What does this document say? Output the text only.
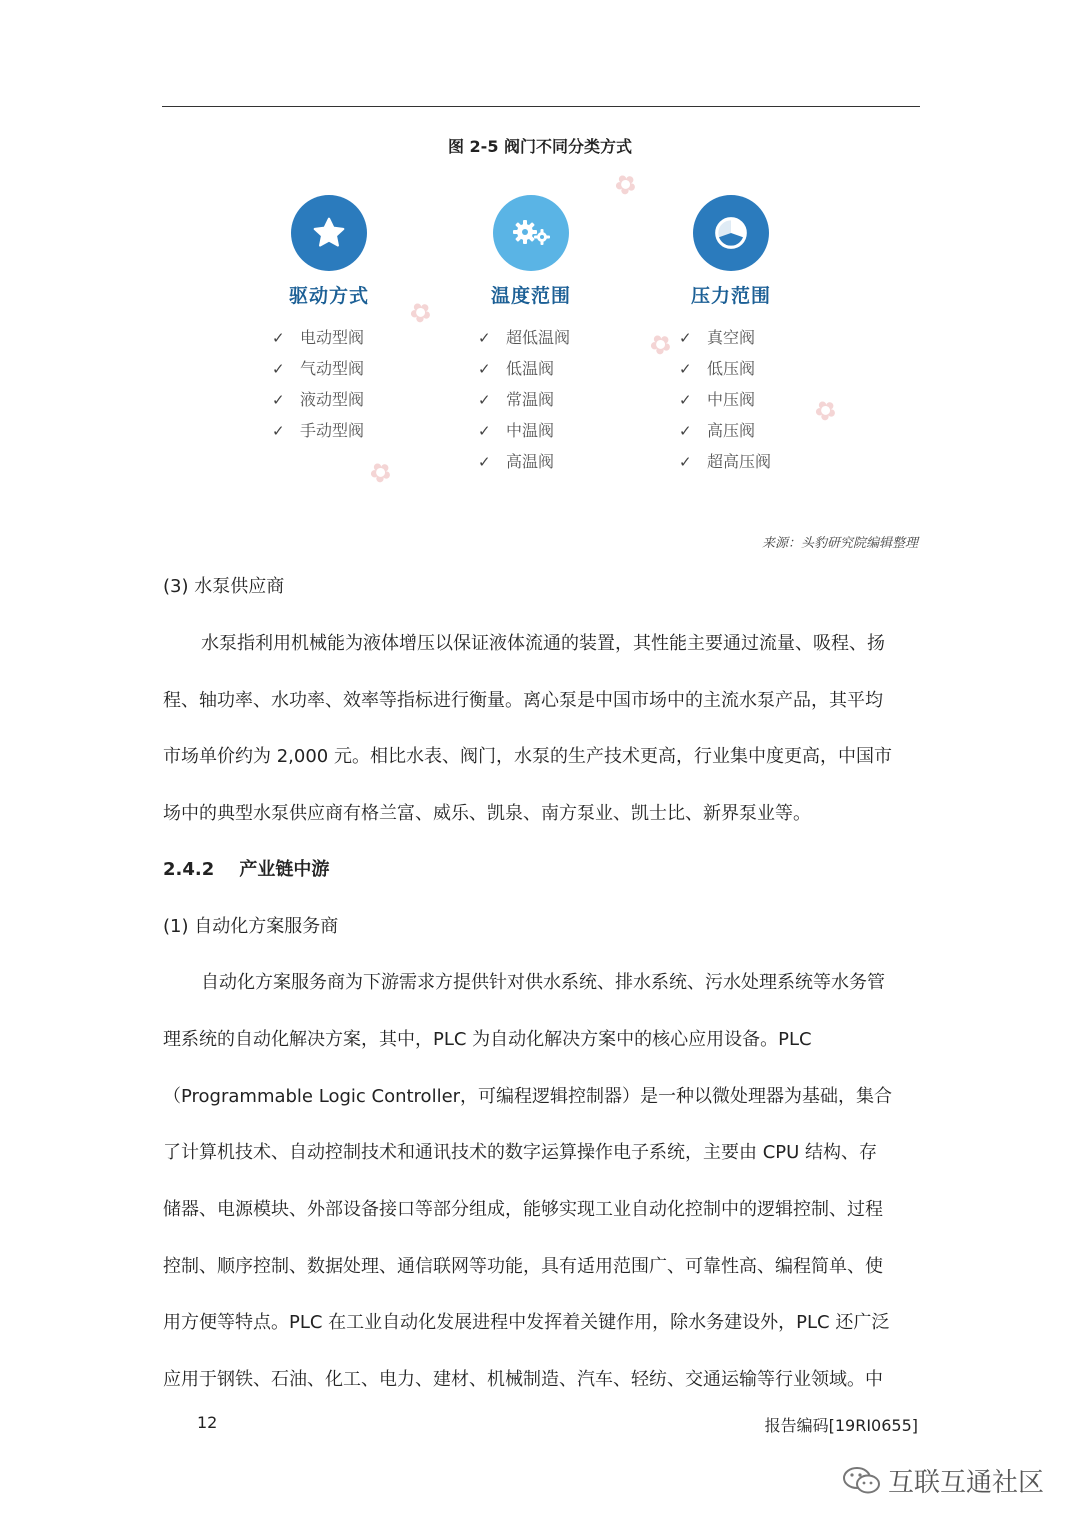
图 2-5 阀门不同分类方式
✿
✿
✿
✿
✿
驱动方式
✓ 电动型阀
✓ 气动型阀
✓ 液动型阀
✓ 手动型阀
温度范围
✓ 超低温阀
✓ 低温阀
✓ 常温阀
✓ 中温阀
✓ 高温阀
压力范围
✓ 真空阀
✓ 低压阀
✓ 中压阀
✓ 高压阀
✓ 超高压阀
来源：头豹研究院编辑整理
(3) 水泵供应商
水泵指利用机械能为液体增压以保证液体流通的装置，其性能主要通过流量、吸程、扬
程、轴功率、水功率、效率等指标进行衡量。离心泵是中国市场中的主流水泵产品，其平均
市场单价约为 2,000 元。相比水表、阀门，水泵的生产技术更高，行业集中度更高，中国市
场中的典型水泵供应商有格兰富、威乐、凯泉、南方泵业、凯士比、新界泵业等。
2.4.2    产业链中游
(1) 自动化方案服务商
自动化方案服务商为下游需求方提供针对供水系统、排水系统、污水处理系统等水务管
理系统的自动化解决方案，其中，PLC 为自动化解决方案中的核心应用设备。PLC
（Programmable Logic Controller，可编程逻辑控制器）是一种以微处理器为基础，集合
了计算机技术、自动控制技术和通讯技术的数字运算操作电子系统，主要由 CPU 结构、存
储器、电源模块、外部设备接口等部分组成，能够实现工业自动化控制中的逻辑控制、过程
控制、顺序控制、数据处理、通信联网等功能，具有适用范围广、可靠性高、编程简单、使
用方便等特点。PLC 在工业自动化发展进程中发挥着关键作用，除水务建设外，PLC 还广泛
应用于钢铁、石油、化工、电力、建材、机械制造、汽车、轻纺、交通运输等行业领域。中
12	报告编码[19RI0655]
互联互通社区
